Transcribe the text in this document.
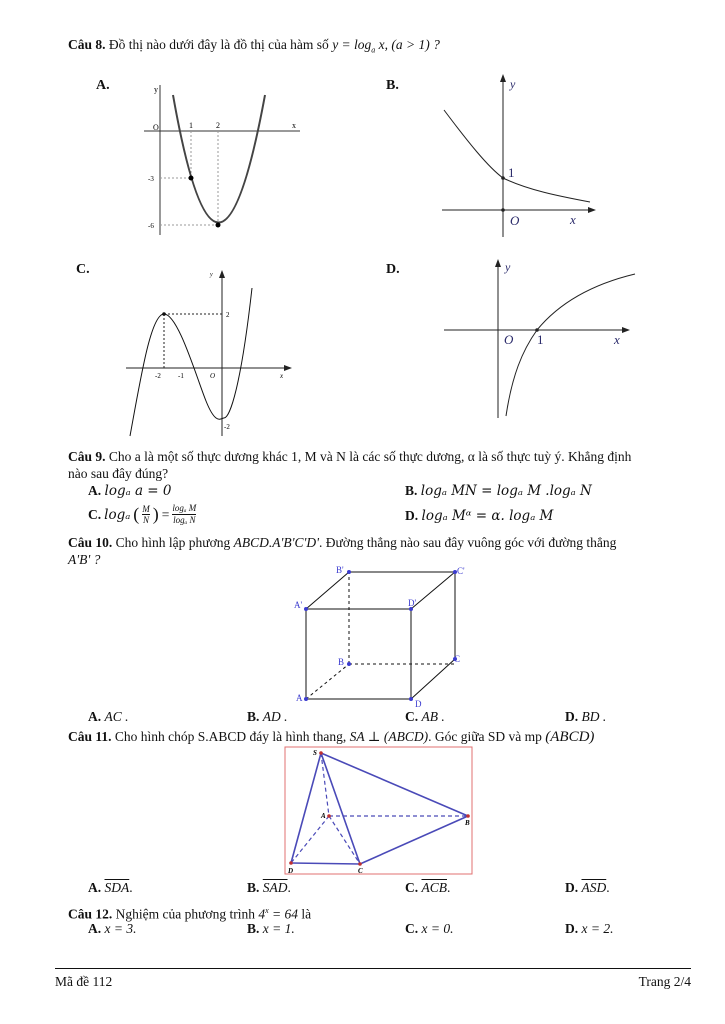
Câu 8. Đồ thị nào dưới đây là đồ thị của hàm số $y = \log_a x$, (a > 1) ?
A.	B.
C.	D.
y
O	1	2	x
-3
-6
y
1
O	x
y
2
-2 -1	O
-2
x
y
O 1	x
Câu 9. Cho a là một số thực dương khác 1, M và N là các số thực dương, α là số thực tuỳ ý. Khẳng định
nào sau đây đúng?
A. logₐ a = 0	B. logₐ MN = logₐ M .logₐ N
C. logₐ ( M
N ) = $\frac{\text{logₐ M}}{\text{logₐ N}}$	D. logₐ Mᵅ = α. logₐ M
Câu 10. Cho hình lập phương ABCD.A'B'C'D'. Đường thẳng nào sau đây vuông góc với đường thẳng
A'B' ?
B'	C'
A'	D'
B	C
A
D
A. AC .	B. AD .	C. AB .	D. BD .
Câu 11. Cho hình chóp S.ABCD đáy là hình thang, SA ⊥ (ABCD). Góc giữa SD và mp (ABCD)
S
A
B
D	C
A. $\overline{SDA}$.	B. $\overline{SAD}$.	C. $\overline{ACB}$.	D. $\overline{ASD}$.
Câu 12. Nghiệm của phương trình $4^x = 64$ là
A. x = 3.	B. x = 1.	C. x = 0.	D. x = 2.
Mã đề 112	Trang 2/4
